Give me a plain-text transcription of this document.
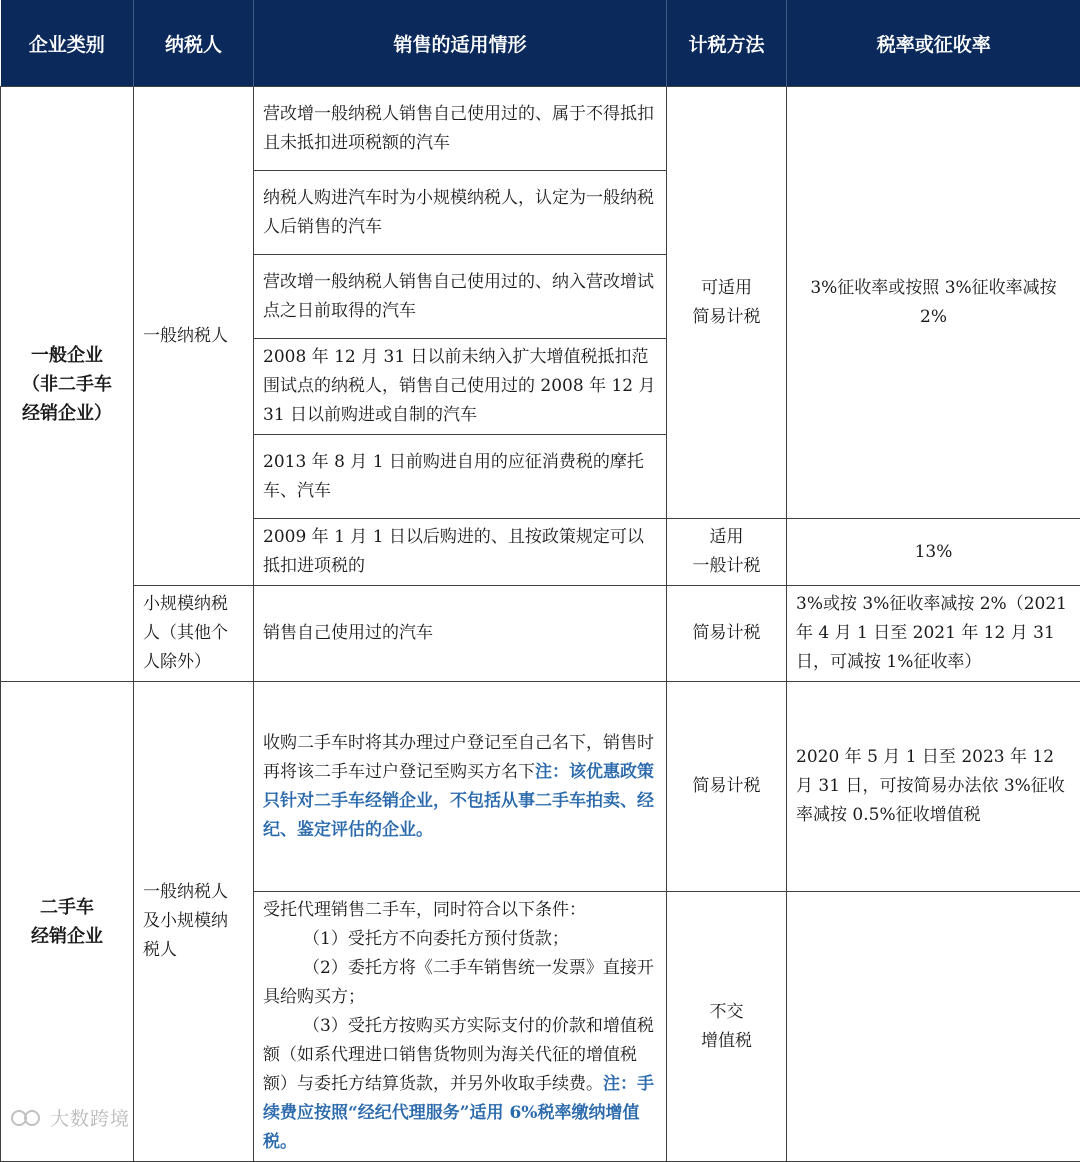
企业类别	纳税人	销售的适用情形	计税方法	税率或征收率

一般企业
（非二手车
经销企业）	一般纳税人	营改增一般纳税人销售自己使用过的、属于不得抵扣且未抵扣进项税额的汽车	可适用
简易计税	3%征收率或按照 3%征收率减按 2%
		纳税人购进汽车时为小规模纳税人，认定为一般纳税人后销售的汽车		
		营改增一般纳税人销售自己使用过的、纳入营改增试点之日前取得的汽车		
		2008 年 12 月 31 日以前未纳入扩大增值税抵扣范围试点的纳税人，销售自己使用过的 2008 年 12 月 31 日以前购进或自制的汽车		
		2013 年 8 月 1 日前购进自用的应征消费税的摩托车、汽车		
		2009 年 1 月 1 日以后购进的、且按政策规定可以抵扣进项税的	适用
一般计税	13%
	小规模纳税人（其他个人除外）	销售自己使用过的汽车	简易计税	3%或按 3%征收率减按 2%（2021 年 4 月 1 日至 2021 年 12 月 31 日，可减按 1%征收率）

二手车
经销企业	一般纳税人及小规模纳税人	收购二手车时将其办理过户登记至自己名下，销售时再将该二手车过户登记至购买方名下注：该优惠政策只针对二手车经销企业，不包括从事二手车拍卖、经纪、鉴定评估的企业。	简易计税	2020 年 5 月 1 日至 2023 年 12 月 31 日，可按简易办法依 3%征收率减按 0.5%征收增值税

		受托代理销售二手车，同时符合以下条件：
（1）受托方不向委托方预付货款；
（2）委托方将《二手车销售统一发票》直接开具给购买方；
（3）受托方按购买方实际支付的价款和增值税额（如系代理进口销售货物则为海关代征的增值税额）与委托方结算货款，并另外收取手续费。注：手续费应按照“经纪代理服务”适用 6%税率缴纳增值税。	不交
增值税	

大数跨境
